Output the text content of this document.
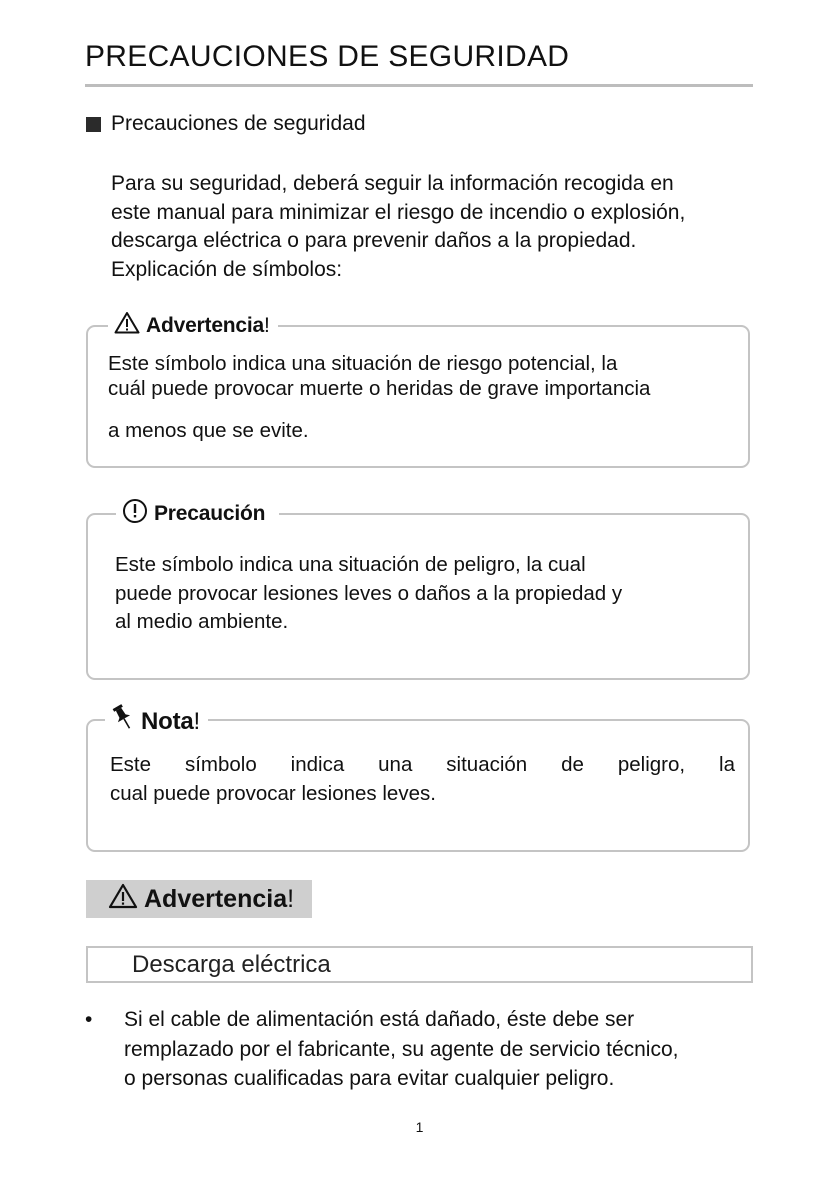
PRECAUCIONES DE SEGURIDAD
Precauciones de seguridad

Para su seguridad, deberá seguir la información recogida en

este manual para minimizar el riesgo de incendio o explosión,

descarga eléctrica o para prevenir daños a la propiedad.

Explicación de símbolos:

Advertencia !

Este símbolo indica una situación de riesgo potencial, la

cuál puede provocar muerte o heridas de grave importancia

a menos que se evite.

Precaución

Este símbolo indica una situación de peligro, la cual

puede provocar lesiones leves o daños a la propiedad y

al medio ambiente.

Nota !

Este símbolo indica una situación de peligro, la

cual puede provocar lesiones leves.

Advertencia !
Descarga eléctrica
• Si el cable de alimentación está dañado, éste debe ser
remplazado por el fabricante, su agente de servicio técnico,
o personas cualificadas para evitar cualquier peligro.
1
